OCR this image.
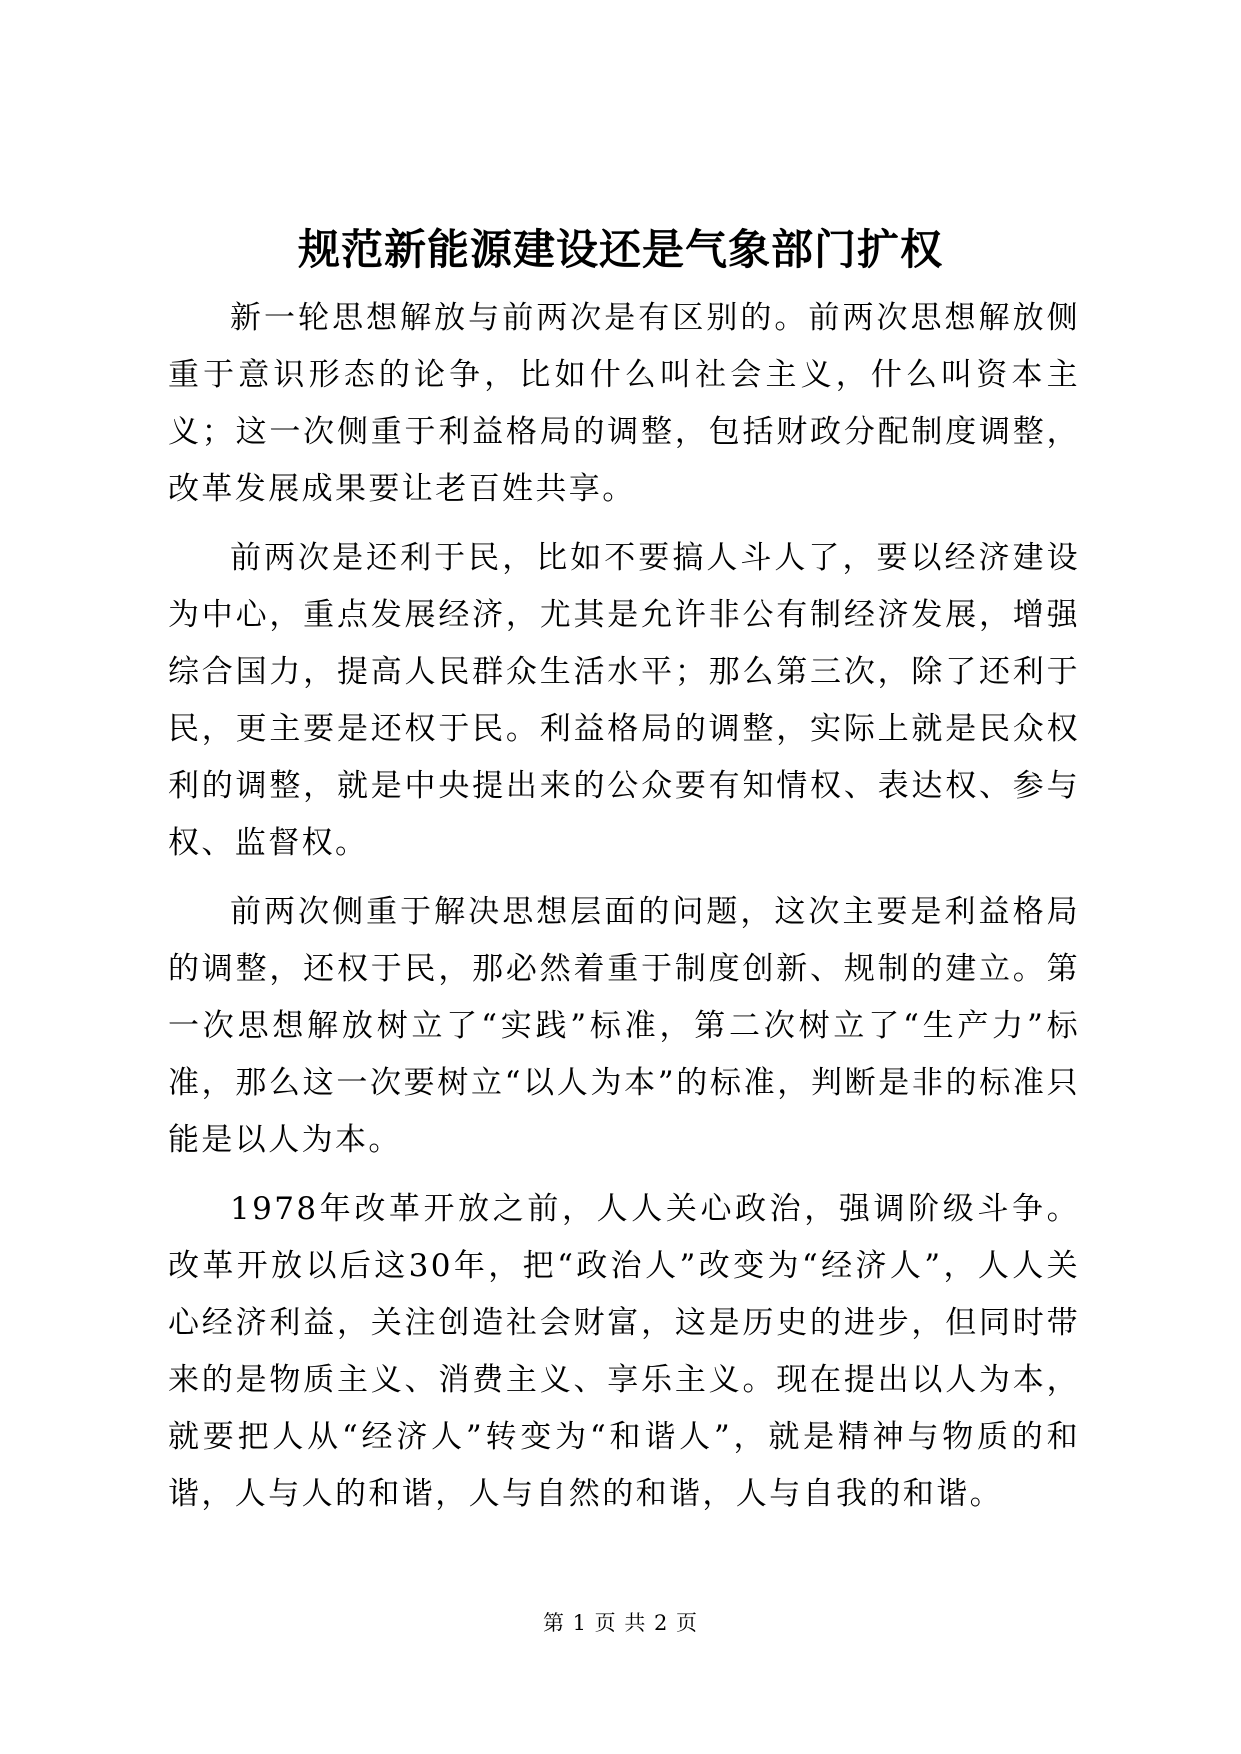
规范新能源建设还是气象部门扩权

新一轮思想解放与前两次是有区别的。前两次思想解放侧重于意识形态的论争，比如什么叫社会主义，什么叫资本主义；这一次侧重于利益格局的调整，包括财政分配制度调整，改革发展成果要让老百姓共享。

前两次是还利于民，比如不要搞人斗人了，要以经济建设为中心，重点发展经济，尤其是允许非公有制经济发展，增强综合国力，提高人民群众生活水平；那么第三次，除了还利于民，更主要是还权于民。利益格局的调整，实际上就是民众权利的调整，就是中央提出来的公众要有知情权、表达权、参与权、监督权。

前两次侧重于解决思想层面的问题，这次主要是利益格局的调整，还权于民，那必然着重于制度创新、规制的建立。第一次思想解放树立了“实践”标准，第二次树立了“生产力”标准，那么这一次要树立“以人为本”的标准，判断是非的标准只能是以人为本。

1978年改革开放之前，人人关心政治，强调阶级斗争。改革开放以后这30年，把“政治人”改变为“经济人”，人人关心经济利益，关注创造社会财富，这是历史的进步，但同时带来的是物质主义、消费主义、享乐主义。现在提出以人为本，就要把人从“经济人”转变为“和谐人”，就是精神与物质的和谐，人与人的和谐，人与自然的和谐，人与自我的和谐。

第 1 页 共 2 页
